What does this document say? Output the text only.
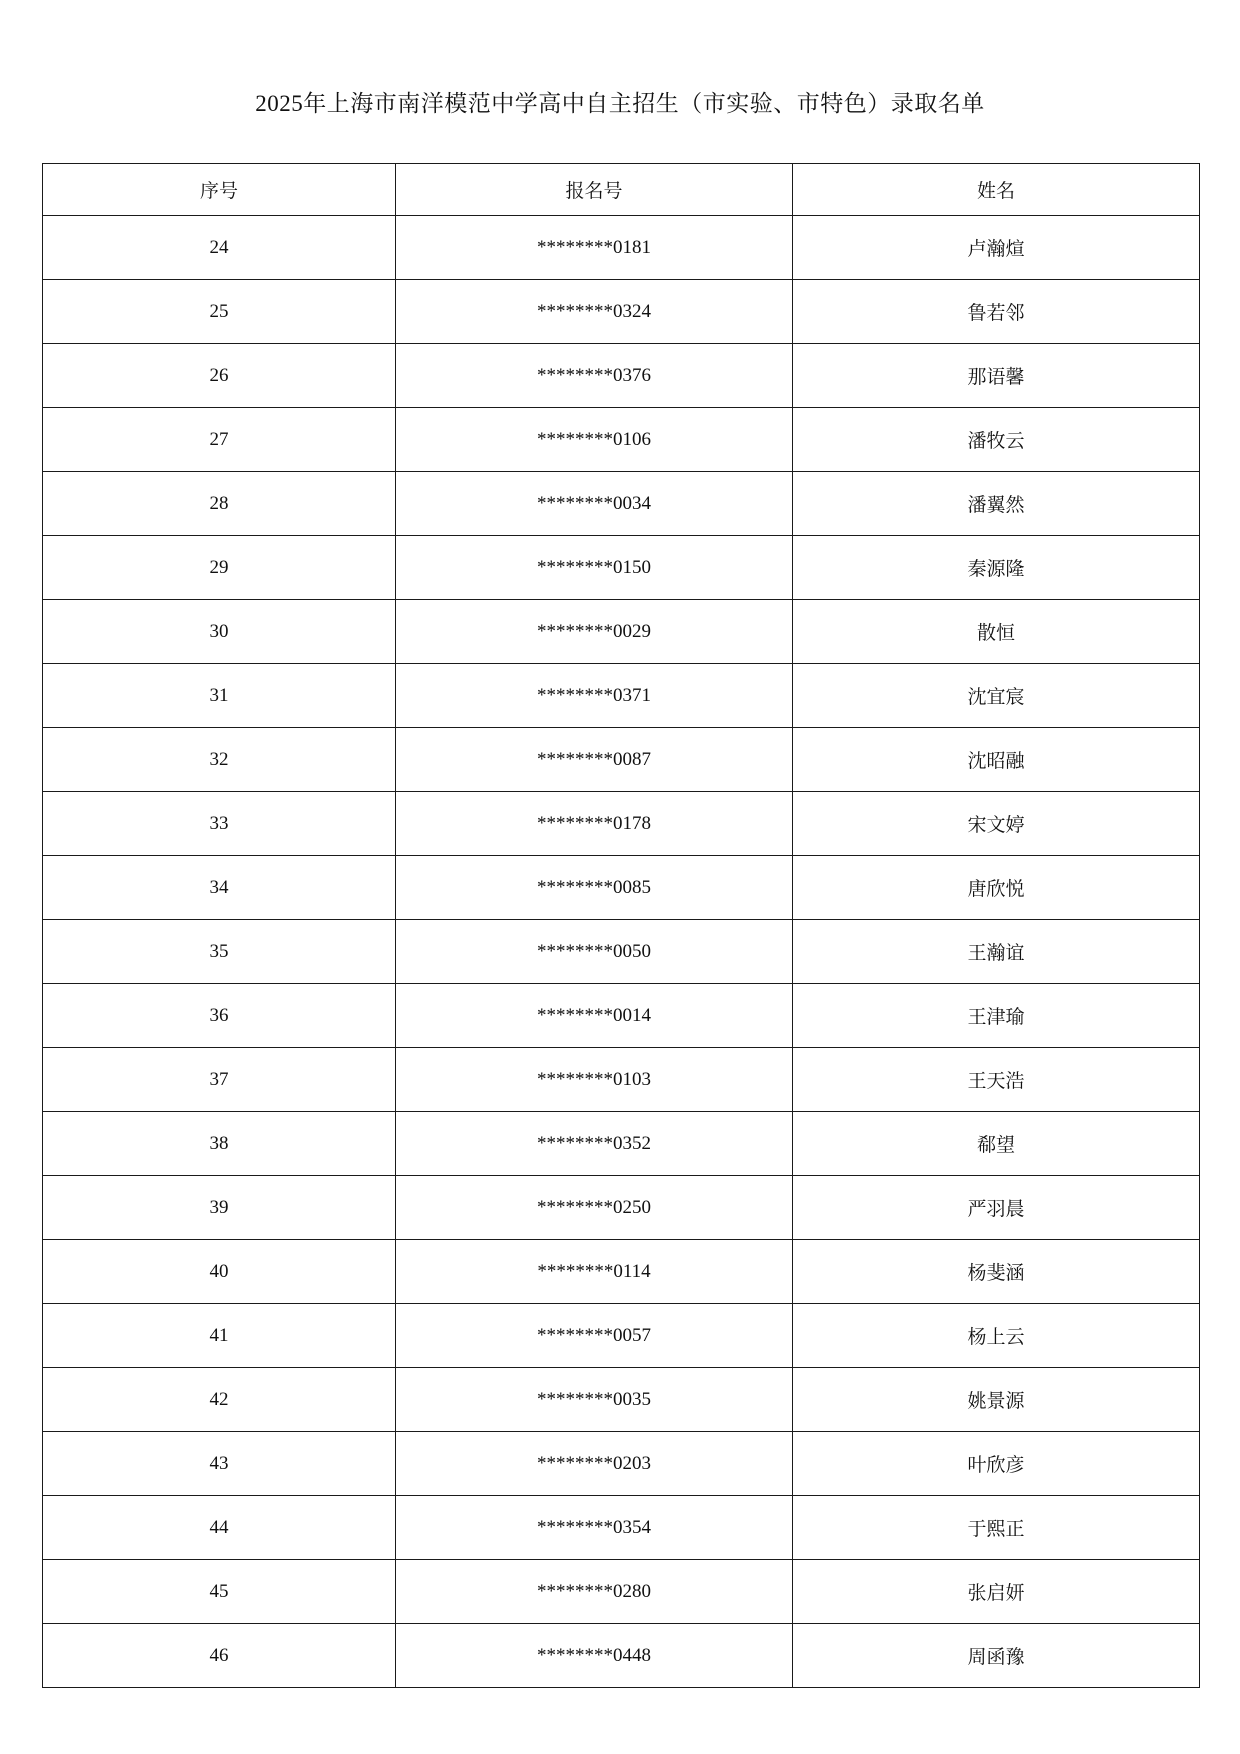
2025年上海市南洋模范中学高中自主招生（市实验、市特色）录取名单
序号	报名号	姓名
24	********0181	卢瀚煊
25	********0324	鲁若邻
26	********0376	那语馨
27	********0106	潘牧云
28	********0034	潘翼然
29	********0150	秦源隆
30	********0029	散恒
31	********0371	沈宜宸
32	********0087	沈昭融
33	********0178	宋文婷
34	********0085	唐欣悦
35	********0050	王瀚谊
36	********0014	王津瑜
37	********0103	王天浩
38	********0352	郗望
39	********0250	严羽晨
40	********0114	杨斐涵
41	********0057	杨上云
42	********0035	姚景源
43	********0203	叶欣彦
44	********0354	于熙正
45	********0280	张启妍
46	********0448	周函豫
